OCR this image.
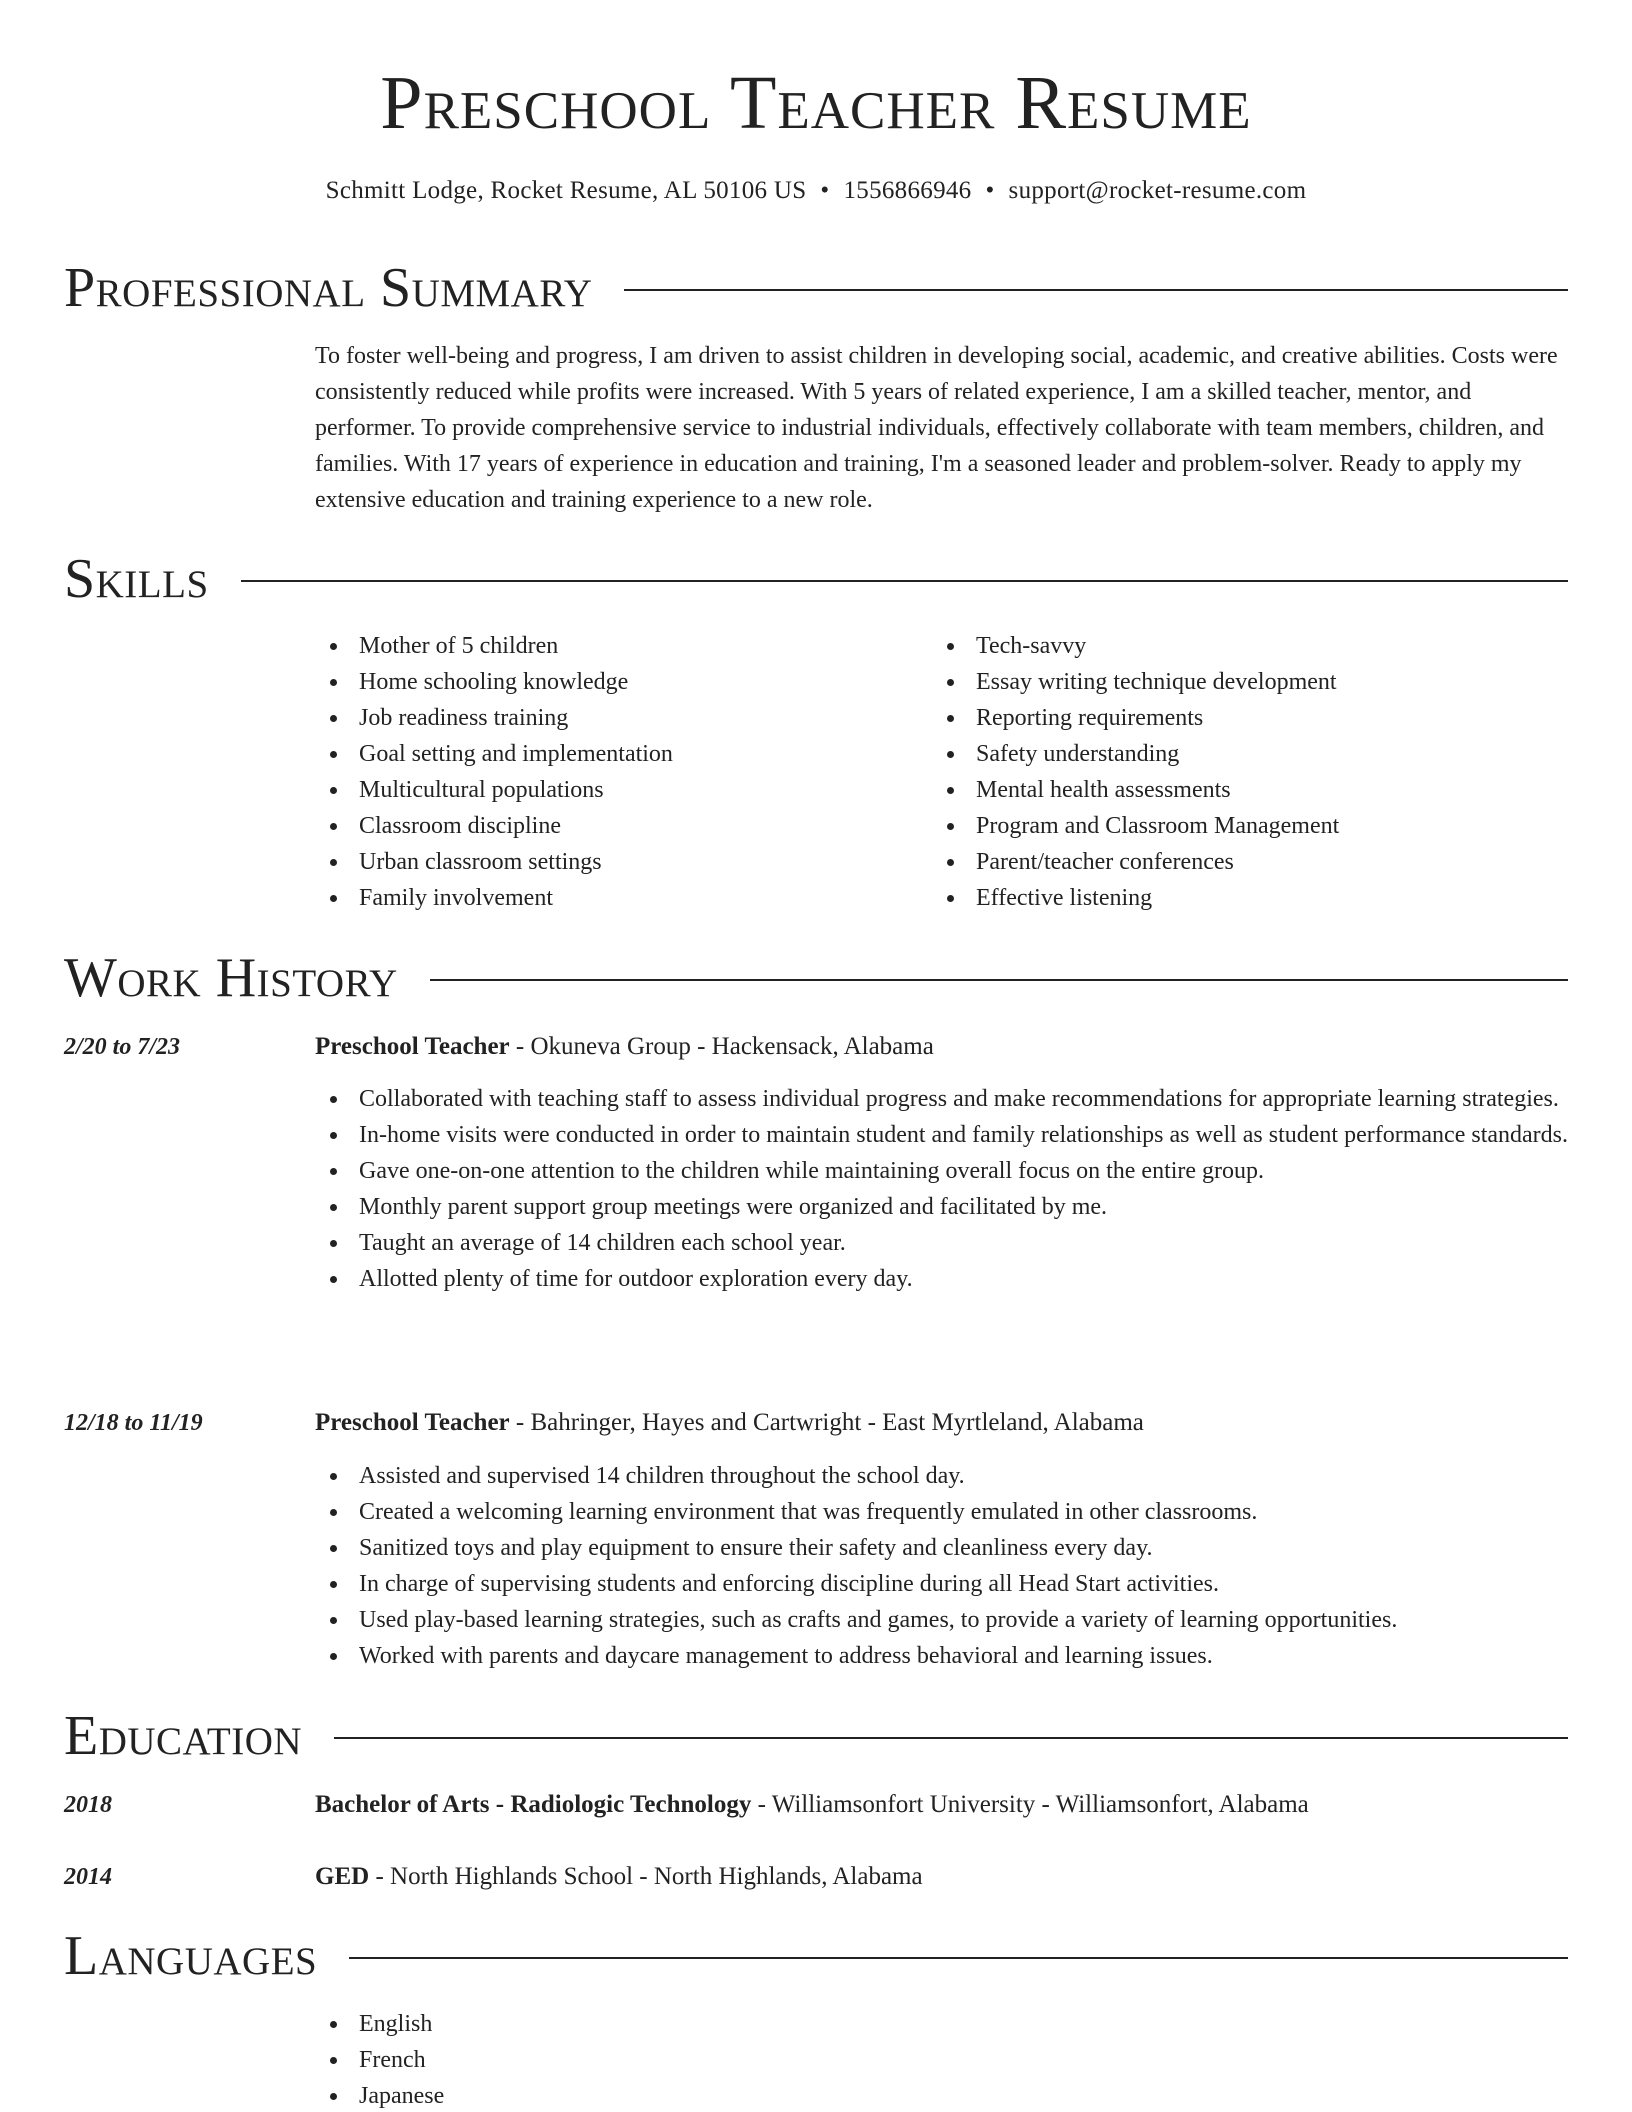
Preschool Teacher Resume
Schmitt Lodge, Rocket Resume, AL 50106 US • 1556866946 • support@rocket-resume.com
Professional Summary
To foster well-being and progress, I am driven to assist children in developing social, academic, and creative abilities. Costs were consistently reduced while profits were increased. With 5 years of related experience, I am a skilled teacher, mentor, and performer. To provide comprehensive service to industrial individuals, effectively collaborate with team members, children, and families. With 17 years of experience in education and training, I'm a seasoned leader and problem-solver. Ready to apply my extensive education and training experience to a new role.
Skills
Mother of 5 children
Home schooling knowledge
Job readiness training
Goal setting and implementation
Multicultural populations
Classroom discipline
Urban classroom settings
Family involvement
Tech-savvy
Essay writing technique development
Reporting requirements
Safety understanding
Mental health assessments
Program and Classroom Management
Parent/teacher conferences
Effective listening
Work History
2/20 to 7/23	Preschool Teacher - Okuneva Group - Hackensack, Alabama
Collaborated with teaching staff to assess individual progress and make recommendations for appropriate learning strategies.
In-home visits were conducted in order to maintain student and family relationships as well as student performance standards.
Gave one-on-one attention to the children while maintaining overall focus on the entire group.
Monthly parent support group meetings were organized and facilitated by me.
Taught an average of 14 children each school year.
Allotted plenty of time for outdoor exploration every day.
12/18 to 11/19	Preschool Teacher - Bahringer, Hayes and Cartwright - East Myrtleland, Alabama
Assisted and supervised 14 children throughout the school day.
Created a welcoming learning environment that was frequently emulated in other classrooms.
Sanitized toys and play equipment to ensure their safety and cleanliness every day.
In charge of supervising students and enforcing discipline during all Head Start activities.
Used play-based learning strategies, such as crafts and games, to provide a variety of learning opportunities.
Worked with parents and daycare management to address behavioral and learning issues.
Education
2018	Bachelor of Arts - Radiologic Technology - Williamsonfort University - Williamsonfort, Alabama
2014	GED - North Highlands School - North Highlands, Alabama
Languages
English
French
Japanese
